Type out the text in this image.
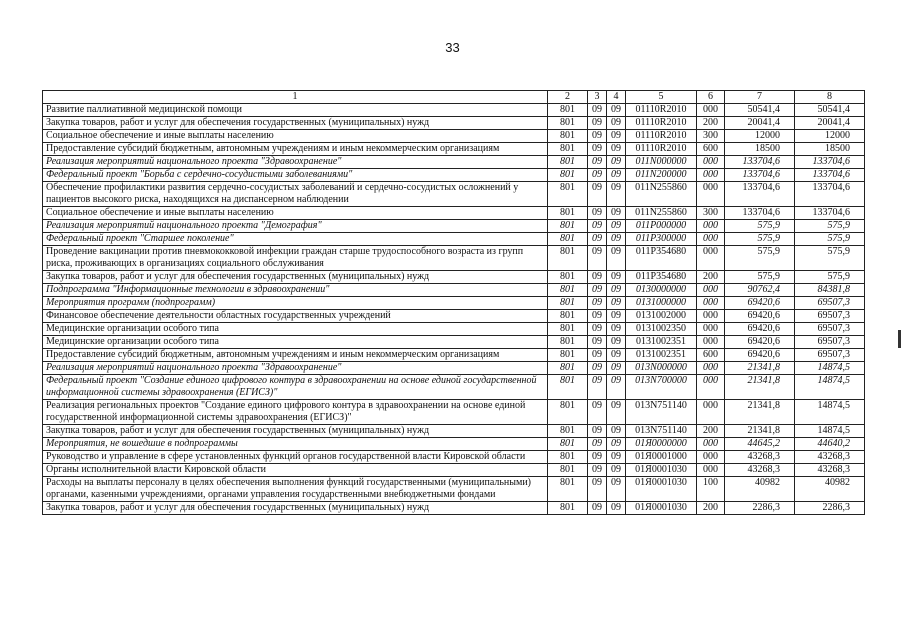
33
1	2	3	4	5	6	7	8
Развитие паллиативной медицинской помощи	801	09	09	01110R2010	000	50541,4	50541,4
Закупка товаров, работ и услуг для обеспечения государственных (муниципальных) нужд	801	09	09	01110R2010	200	20041,4	20041,4
Социальное обеспечение и иные выплаты населению	801	09	09	01110R2010	300	12000	12000
Предоставление субсидий бюджетным, автономным учреждениям и иным некоммерческим организациям	801	09	09	01110R2010	600	18500	18500
Реализация мероприятий национального проекта "Здравоохранение"	801	09	09	011N000000	000	133704,6	133704,6
Федеральный проект "Борьба с сердечно-сосудистыми заболеваниями"	801	09	09	011N200000	000	133704,6	133704,6
Обеспечение профилактики развития сердечно-сосудистых заболеваний и сердечно-сосудистых осложнений у пациентов высокого риска, находящихся на диспансерном наблюдении	801	09	09	011N255860	000	133704,6	133704,6
Социальное обеспечение и иные выплаты населению	801	09	09	011N255860	300	133704,6	133704,6
Реализация мероприятий национального проекта "Демография"	801	09	09	011P000000	000	575,9	575,9
Федеральный проект "Старшее поколение"	801	09	09	011P300000	000	575,9	575,9
Проведение вакцинации против пневмококковой инфекции граждан старше трудоспособного возраста из групп риска, проживающих в организациях социального обслуживания	801	09	09	011P354680	000	575,9	575,9
Закупка товаров, работ и услуг для обеспечения государственных (муниципальных) нужд	801	09	09	011P354680	200	575,9	575,9
Подпрограмма "Информационные технологии в здравоохранении"	801	09	09	0130000000	000	90762,4	84381,8
Мероприятия программ (подпрограмм)	801	09	09	0131000000	000	69420,6	69507,3
Финансовое обеспечение деятельности областных государственных учреждений	801	09	09	0131002000	000	69420,6	69507,3
Медицинские организации особого типа	801	09	09	0131002350	000	69420,6	69507,3
Медицинские организации особого типа	801	09	09	0131002351	000	69420,6	69507,3
Предоставление субсидий бюджетным, автономным учреждениям и иным некоммерческим организациям	801	09	09	0131002351	600	69420,6	69507,3
Реализация мероприятий национального проекта "Здравоохранение"	801	09	09	013N000000	000	21341,8	14874,5
Федеральный проект "Создание единого цифрового контура в здравоохранении на основе единой государственной информационной системы здравоохранения (ЕГИСЗ)"	801	09	09	013N700000	000	21341,8	14874,5
Реализация региональных проектов "Создание единого цифрового контура в здравоохранении на основе единой государственной информационной системы здравоохранения (ЕГИСЗ)"	801	09	09	013N751140	000	21341,8	14874,5
Закупка товаров, работ и услуг для обеспечения государственных (муниципальных) нужд	801	09	09	013N751140	200	21341,8	14874,5
Мероприятия, не вошедшие в подпрограммы	801	09	09	01Я0000000	000	44645,2	44640,2
Руководство и управление в сфере установленных функций органов государственной власти Кировской области	801	09	09	01Я0001000	000	43268,3	43268,3
Органы исполнительной власти Кировской области	801	09	09	01Я0001030	000	43268,3	43268,3
Расходы на выплаты персоналу в целях обеспечения выполнения функций государственными (муниципальными) органами, казенными учреждениями, органами управления государственными внебюджетными фондами	801	09	09	01Я0001030	100	40982	40982
Закупка товаров, работ и услуг для обеспечения государственных (муниципальных) нужд	801	09	09	01Я0001030	200	2286,3	2286,3
